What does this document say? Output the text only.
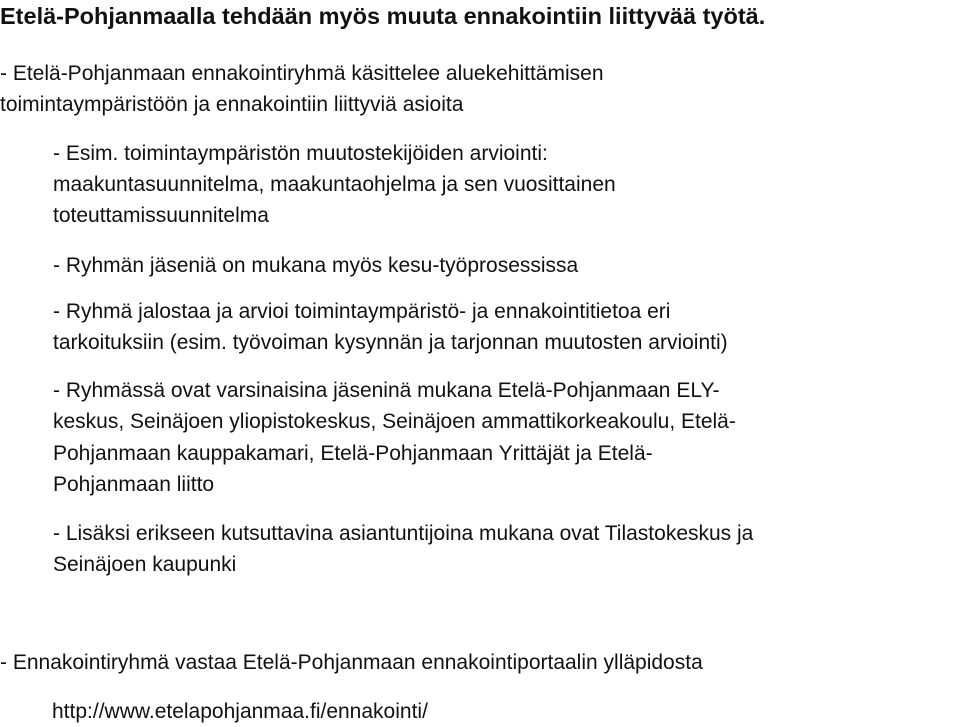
Etelä-Pohjanmaalla tehdään myös muuta ennakointiin liittyvää työtä.
- Etelä-Pohjanmaan ennakointiryhmä käsittelee aluekehittämisen
toimintaympäristöön ja ennakointiin liittyviä asioita
- Esim. toimintaympäristön muutostekijöiden arviointi:
maakuntasuunnitelma, maakuntaohjelma ja sen vuosittainen
toteuttamissuunnitelma
- Ryhmän jäseniä on mukana myös kesu-työprosessissa
- Ryhmä jalostaa ja arvioi toimintaympäristö- ja ennakointitietoa eri
tarkoituksiin (esim. työvoiman kysynnän ja tarjonnan muutosten arviointi)
- Ryhmässä ovat varsinaisina jäseninä mukana Etelä-Pohjanmaan ELY-
keskus, Seinäjoen yliopistokeskus, Seinäjoen ammattikorkeakoulu, Etelä-
Pohjanmaan kauppakamari, Etelä-Pohjanmaan Yrittäjät ja Etelä-
Pohjanmaan liitto
- Lisäksi erikseen kutsuttavina asiantuntijoina mukana ovat Tilastokeskus ja
Seinäjoen kaupunki
- Ennakointiryhmä vastaa Etelä-Pohjanmaan ennakointiportaalin ylläpidosta
http://www.etelapohjanmaa.fi/ennakointi/
